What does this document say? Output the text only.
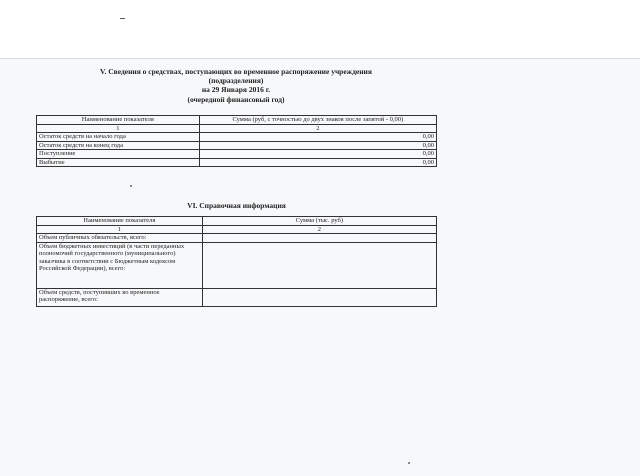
V. Сведения о средствах, поступающих во временное распоряжение учреждения
(подразделения)
на 29 Января 2016 г.
(очередной финансовый год)
Наименование показателя	Сумма (руб, с точностью до двух знаков после запятой - 0,00)
1	2
Остаток средств на начало года	0,00
Остаток средств на конец года	0,00
Поступление	0,00
Выбытие	0,00
VI. Справочная информация
Наименование показателя	Сумма (тыс. руб)
1	2
Объем публичных обязательств, всего:	
Объем бюджетных инвестиций (в части переданных полномочий государственного (муниципального) заказчика в соответствии с Бюджетным кодексом Российской Федерации), всего:	
Объем средств, поступивших во временное распоряжение, всего:	
